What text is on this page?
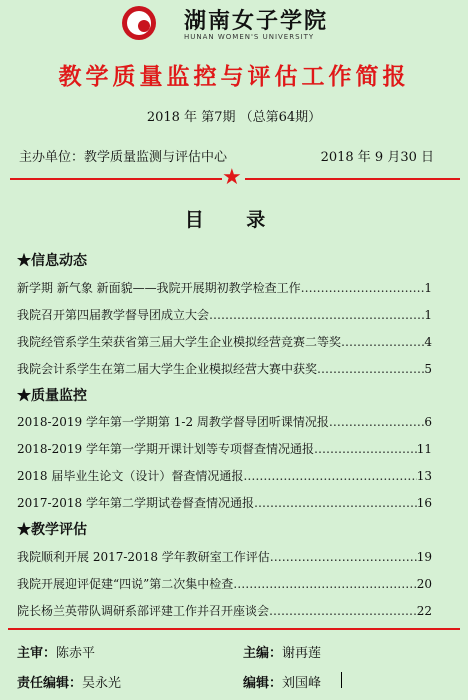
湖南女子学院
HUNAN WOMEN'S UNIVERSITY
教学质量监控与评估工作简报
2018 年 第7期 （总第64期）
主办单位：教学质量监测与评估中心	2018 年 9 月30 日
★
目 录
★信息动态
新学期 新气象 新面貌——我院开展期初教学检查工作 …………………………………………………………………………………………	1
我院召开第四届教学督导团成立大会 …………………………………………………………………………………………	1
我院经管系学生荣获省第三届大学生企业模拟经营竞赛二等奖 …………………………………………………………………………………………	4
我院会计系学生在第二届大学生企业模拟经营大赛中获奖 …………………………………………………………………………………………	5
★质量监控
2018-2019 学年第一学期第 1-2 周教学督导团听课情况报 …………………………………………………………………………………………	6
2018-2019 学年第一学期开课计划等专项督查情况通报 …………………………………………………………………………………………	11
2018 届毕业生论文（设计）督查情况通报 …………………………………………………………………………………………	13
2017-2018 学年第二学期试卷督查情况通报 …………………………………………………………………………………………	16
★教学评估
我院顺利开展 2017-2018 学年教研室工作评估 …………………………………………………………………………………………	19
我院开展迎评促建“四说”第二次集中检查 …………………………………………………………………………………………	20
院长杨兰英带队调研系部评建工作并召开座谈会 …………………………………………………………………………………………	22
主审：陈赤平	主编：谢再莲
责任编辑：吴永光	编辑：刘国峰
